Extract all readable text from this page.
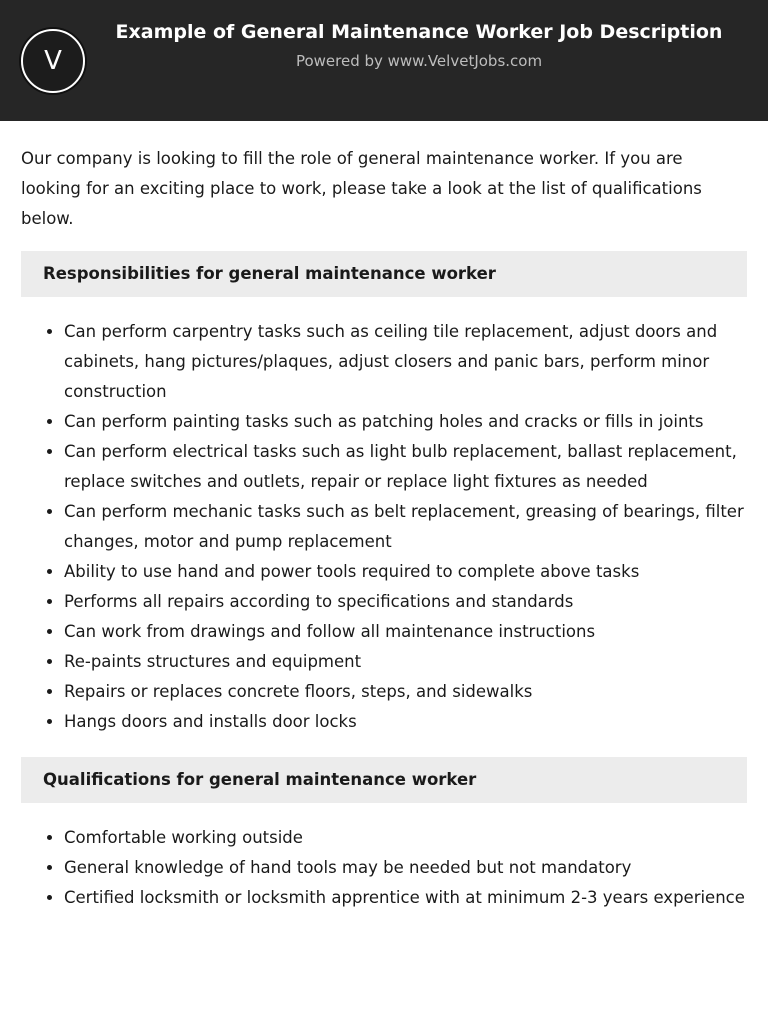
V
Example of General Maintenance Worker Job Description
Powered by www.VelvetJobs.com

Our company is looking to fill the role of general maintenance worker. If you are looking for an exciting place to work, please take a look at the list of qualifications below.

Responsibilities for general maintenance worker
• Can perform carpentry tasks such as ceiling tile replacement, adjust doors and cabinets, hang pictures/plaques, adjust closers and panic bars, perform minor construction
• Can perform painting tasks such as patching holes and cracks or fills in joints
• Can perform electrical tasks such as light bulb replacement, ballast replacement, replace switches and outlets, repair or replace light fixtures as needed
• Can perform mechanic tasks such as belt replacement, greasing of bearings, filter changes, motor and pump replacement
• Ability to use hand and power tools required to complete above tasks
• Performs all repairs according to specifications and standards
• Can work from drawings and follow all maintenance instructions
• Re-paints structures and equipment
• Repairs or replaces concrete floors, steps, and sidewalks
• Hangs doors and installs door locks
Qualifications for general maintenance worker
• Comfortable working outside
• General knowledge of hand tools may be needed but not mandatory
• Certified locksmith or locksmith apprentice with at minimum 2-3 years experience
